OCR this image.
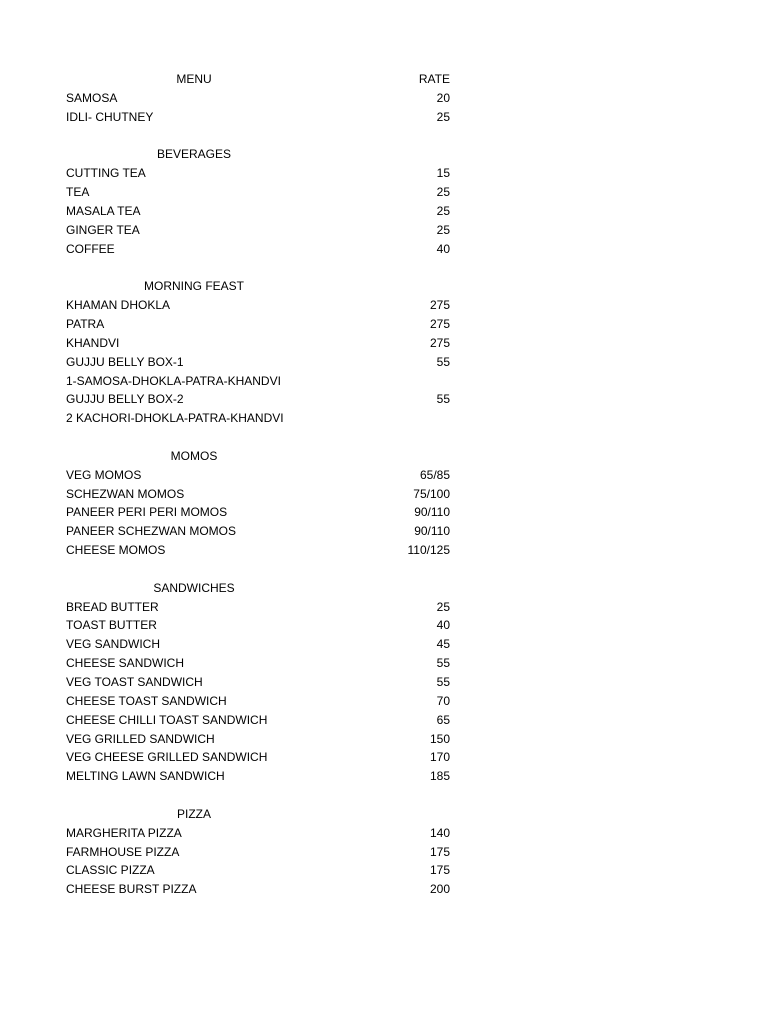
MENU	RATE
SAMOSA	20
IDLI- CHUTNEY	25
BEVERAGES
CUTTING TEA	15
TEA	25
MASALA TEA	25
GINGER TEA	25
COFFEE	40
MORNING FEAST
KHAMAN DHOKLA	275
PATRA	275
KHANDVI	275
GUJJU BELLY BOX-1	55
1-SAMOSA-DHOKLA-PATRA-KHANDVI
GUJJU BELLY BOX-2	55
2 KACHORI-DHOKLA-PATRA-KHANDVI
MOMOS
VEG MOMOS	65/85
SCHEZWAN MOMOS	75/100
PANEER PERI PERI MOMOS	90/110
PANEER SCHEZWAN MOMOS	90/110
CHEESE MOMOS	110/125
SANDWICHES
BREAD BUTTER	25
TOAST BUTTER	40
VEG SANDWICH	45
CHEESE SANDWICH	55
VEG TOAST SANDWICH	55
CHEESE TOAST SANDWICH	70
CHEESE CHILLI TOAST SANDWICH	65
VEG GRILLED SANDWICH	150
VEG CHEESE GRILLED SANDWICH	170
MELTING LAWN SANDWICH	185
PIZZA
MARGHERITA PIZZA	140
FARMHOUSE PIZZA	175
CLASSIC PIZZA	175
CHEESE BURST PIZZA	200
